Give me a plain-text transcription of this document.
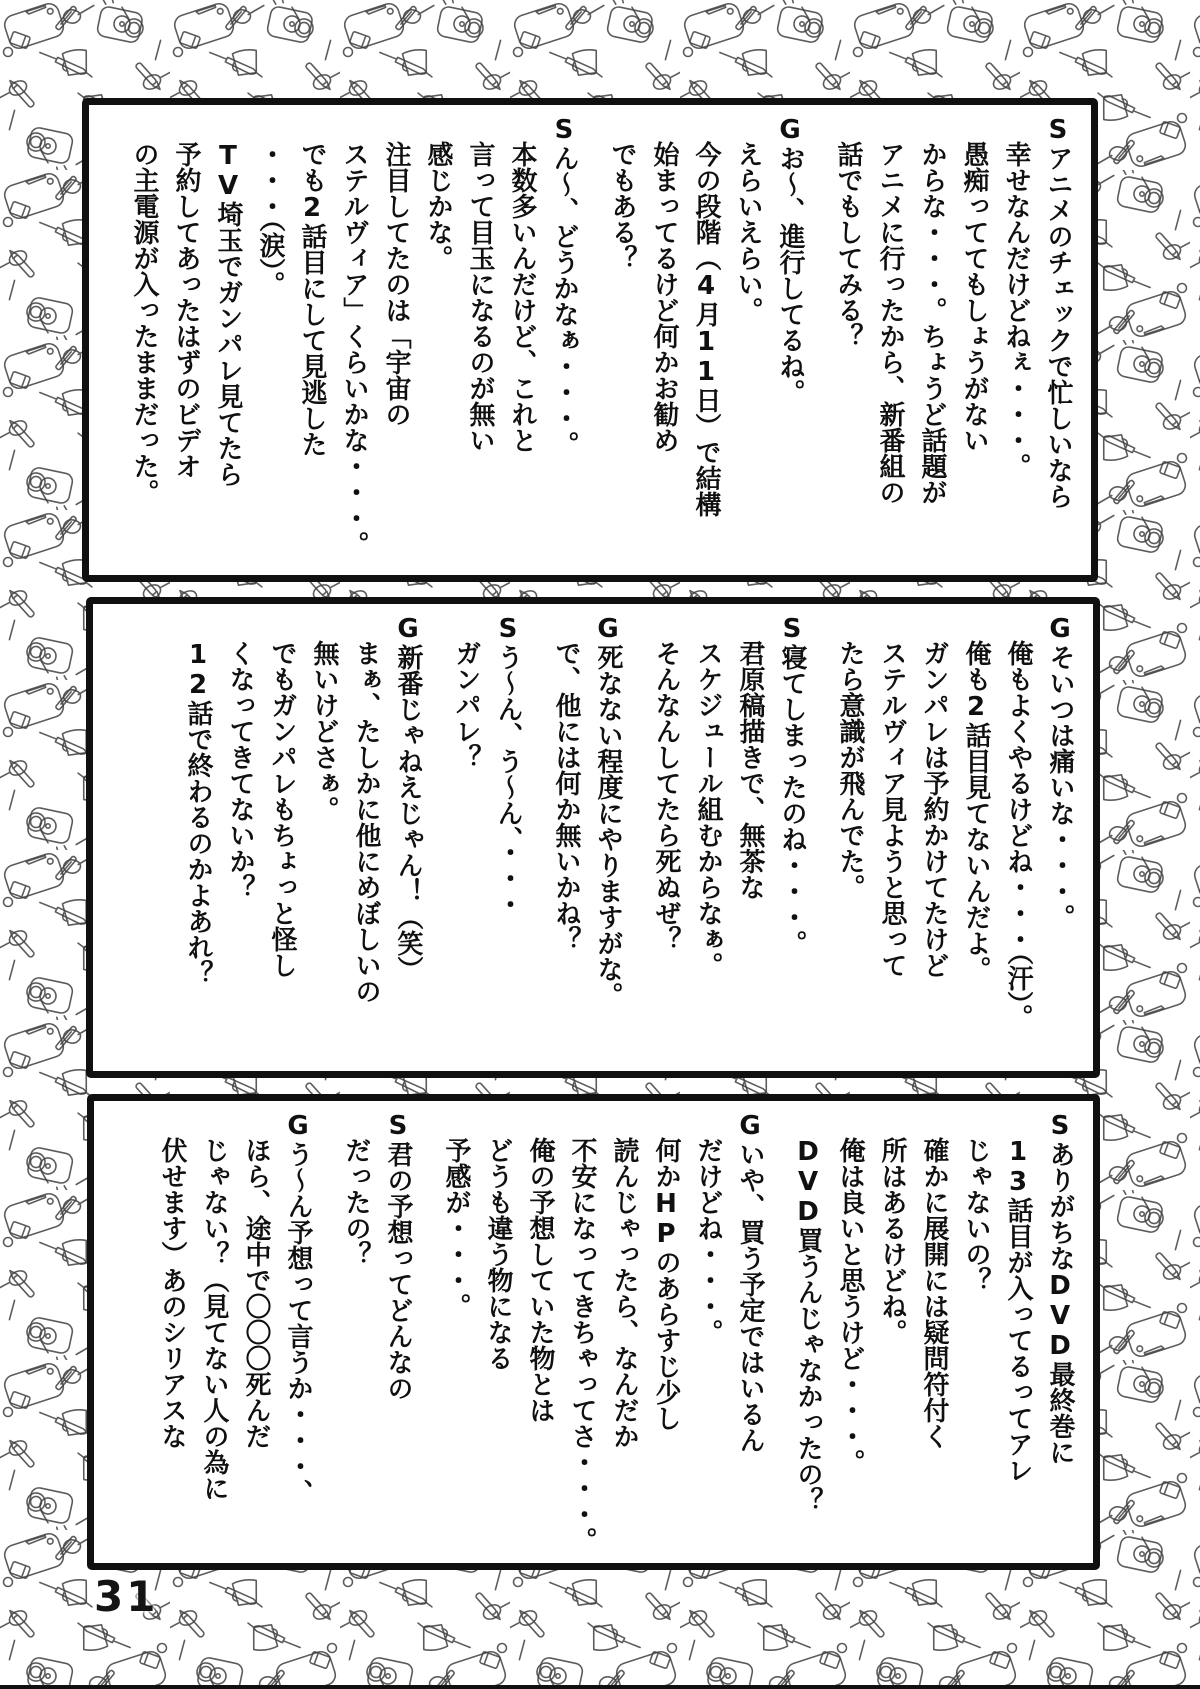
Sアニメのチェックで忙しいなら
幸せなんだけどねぇ・・・。
愚痴っててもしょうがない
からな・・・。ちょうど話題が
アニメに行ったから、新番組の
話でもしてみる？
Gお〜、進行してるね。
えらいえらい。
今の段階（4月11日）で結構
始まってるけど何かお勧め
でもある？
Sん〜、どうかなぁ・・・。
本数多いんだけど、これと
言って目玉になるのが無い
感じかな。
注目してたのは「宇宙の
ステルヴィア」くらいかな・・・。
でも2話目にして見逃した
・・・（涙）。
TV埼玉でガンパレ見てたら
予約してあったはずのビデオ
の主電源が入ったままだった。
Gそいつは痛いな・・・。
俺もよくやるけどね・・・（汗）。
俺も2話目見てないんだよ。
ガンパレは予約かけてたけど
ステルヴィア見ようと思って
たら意識が飛んでた。
S寝てしまったのね・・・。
君原稿描きで、無茶な
スケジュール組むからなぁ。
そんなんしてたら死ぬぜ？
G死なない程度にやりますがな。
で、他には何か無いかね？
Sう〜ん、う〜ん、・・・
ガンパレ？
G新番じゃねえじゃん！（笑）
まぁ、たしかに他にめぼしいの
無いけどさぁ。
でもガンパレもちょっと怪し
くなってきてないか？
12話で終わるのかよあれ？
SありがちなDVD最終巻に
13話目が入ってるってアレ
じゃないの？
確かに展開には疑問符付く
所はあるけどね。
俺は良いと思うけど・・・。
DVD買うんじゃなかったの？
Gいや、買う予定ではいるん
だけどね・・・。
何かHPのあらすじ少し
読んじゃったら、なんだか
不安になってきちゃってさ・・・。
俺の予想していた物とは
どうも違う物になる
予感が・・・。
S君の予想ってどんなの
だったの？
Gう〜ん予想って言うか・・・、
ほら、途中で〇〇〇死んだ
じゃない？（見てない人の為に
伏せます）あのシリアスな
31
